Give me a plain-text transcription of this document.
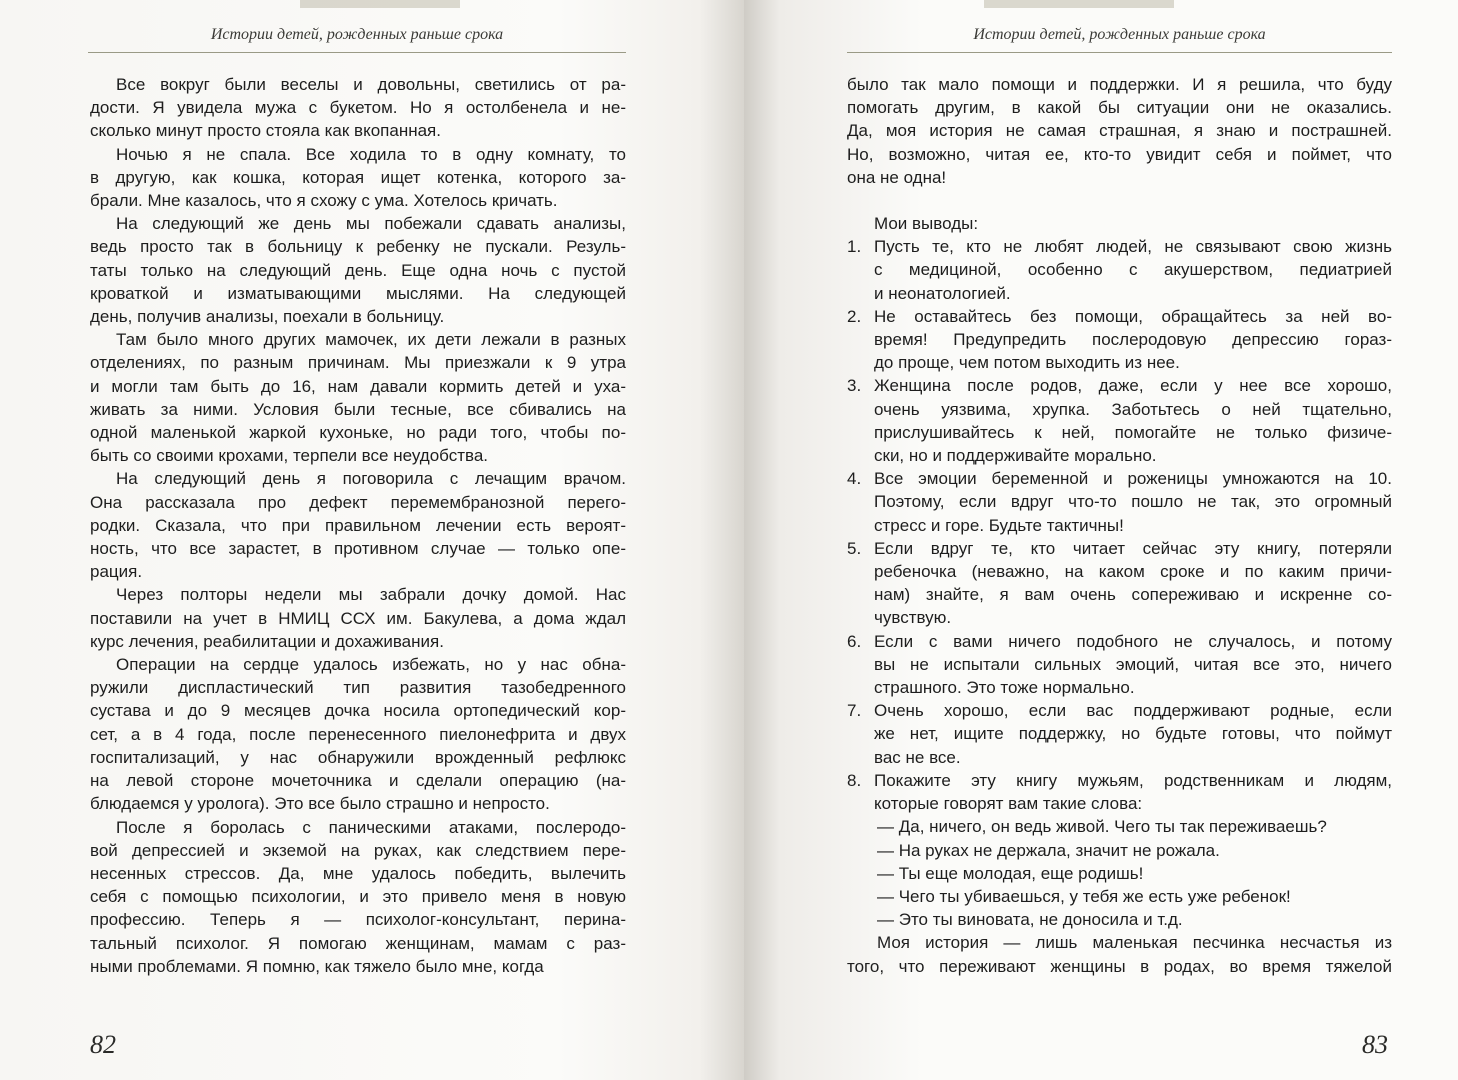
Истории детей, рожденных раньше срока
Все вокруг были веселы и довольны, светились от ра-
дости. Я увидела мужа с букетом. Но я остолбенела и не-
сколько минут просто стояла как вкопанная.
Ночью я не спала. Все ходила то в одну комнату, то
в другую, как кошка, которая ищет котенка, которого за-
брали. Мне казалось, что я схожу с ума. Хотелось кричать.
На следующий же день мы побежали сдавать анализы,
ведь просто так в больницу к ребенку не пускали. Резуль-
таты только на следующий день. Еще одна ночь с пустой
кроваткой и изматывающими мыслями. На следующей
день, получив анализы, поехали в больницу.
Там было много других мамочек, их дети лежали в разных
отделениях, по разным причинам. Мы приезжали к 9 утра
и могли там быть до 16, нам давали кормить детей и уха-
живать за ними. Условия были тесные, все сбивались на
одной маленькой жаркой кухоньке, но ради того, чтобы по-
быть со своими крохами, терпели все неудобства.
На следующий день я поговорила с лечащим врачом.
Она рассказала про дефект перемембранозной перего-
родки. Сказала, что при правильном лечении есть вероят-
ность, что все зарастет, в противном случае — только опе-
рация.
Через полторы недели мы забрали дочку домой. Нас
поставили на учет в НМИЦ ССХ им. Бакулева, а дома ждал
курс лечения, реабилитации и дохаживания.
Операции на сердце удалось избежать, но у нас обна-
ружили диспластический тип развития тазобедренного
сустава и до 9 месяцев дочка носила ортопедический кор-
сет, а в 4 года, после перенесенного пиелонефрита и двух
госпитализаций, у нас обнаружили врожденный рефлюкс
на левой стороне мочеточника и сделали операцию (на-
блюдаемся у уролога). Это все было страшно и непросто.
После я боролась с паническими атаками, послеродо-
вой депрессией и экземой на руках, как следствием пере-
несенных стрессов. Да, мне удалось победить, вылечить
себя с помощью психологии, и это привело меня в новую
профессию. Теперь я — психолог-консультант, перина-
тальный психолог. Я помогаю женщинам, мамам с раз-
ными проблемами. Я помню, как тяжело было мне, когда
82
Истории детей, рожденных раньше срока
было так мало помощи и поддержки. И я решила, что буду
помогать другим, в какой бы ситуации они не оказались.
Да, моя история не самая страшная, я знаю и пострашней.
Но, возможно, читая ее, кто-то увидит себя и поймет, что
она не одна!

Мои выводы:

1. Пусть те, кто не любят людей, не связывают свою жизнь
с медициной, особенно с акушерством, педиатрией
и неонатологией.
2. Не оставайтесь без помощи, обращайтесь за ней во-
время! Предупредить послеродовую депрессию гораз-
до проще, чем потом выходить из нее.
3. Женщина после родов, даже, если у нее все хорошо,
очень уязвима, хрупка. Заботьтесь о ней тщательно,
прислушивайтесь к ней, помогайте не только физиче-
ски, но и поддерживайте морально.
4. Все эмоции беременной и роженицы умножаются на 10.
Поэтому, если вдруг что-то пошло не так, это огромный
стресс и горе. Будьте тактичны!
5. Если вдруг те, кто читает сейчас эту книгу, потеряли
ребеночка (неважно, на каком сроке и по каким причи-
нам) знайте, я вам очень сопереживаю и искренне со-
чувствую.
6. Если с вами ничего подобного не случалось, и потому
вы не испытали сильных эмоций, читая все это, ничего
страшного. Это тоже нормально.
7. Очень хорошо, если вас поддерживают родные, если
же нет, ищите поддержку, но будьте готовы, что поймут
вас не все.
8. Покажите эту книгу мужьям, родственникам и людям,
которые говорят вам такие слова:

— Да, ничего, он ведь живой. Чего ты так переживаешь?

— На руках не держала, значит не рожала.

— Ты еще молодая, еще родишь!

— Чего ты убиваешься, у тебя же есть уже ребенок!

— Это ты виновата, не доносила и т.д.

Моя история — лишь маленькая песчинка несчастья из
того, что переживают женщины в родах, во время тяжелой
83
